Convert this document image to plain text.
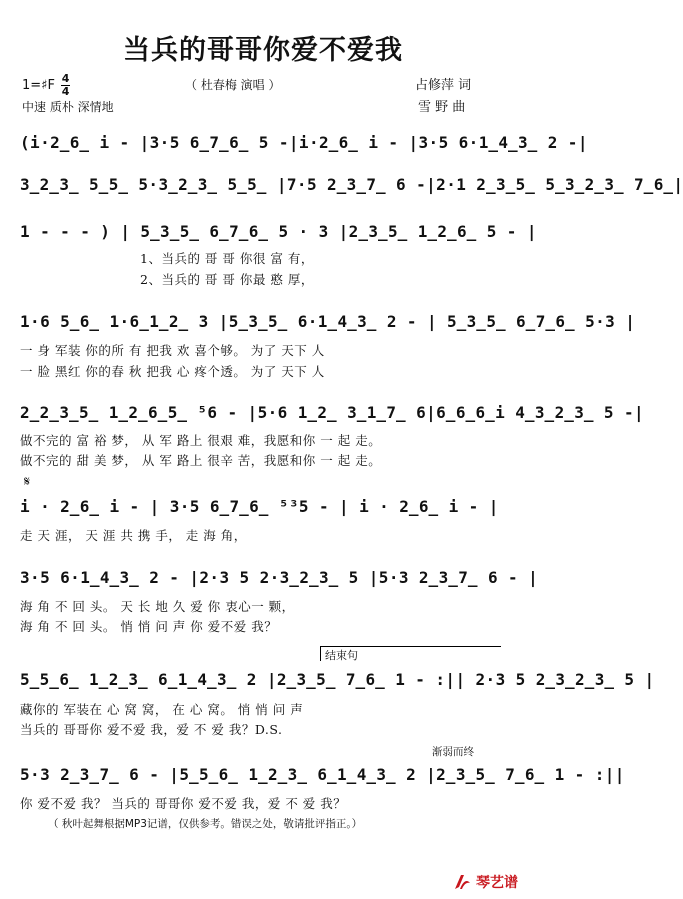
当兵的哥哥你爱不爱我
1=♯F $\frac{4}{4}$	（ 杜春梅 演唱 ）	占修萍 词
中速 质朴 深情地	雪 野 曲
(i·2̲6̲ i - |3·5 6̲7̲6̲ 5 -|i·2̲6̲ i - |3·5 6·1̲4̲3̲ 2 -|
3̲2̲3̲ 5̲5̲ 5·3̲2̲3̲ 5̲5̲ |7·5 2̲3̲7̲ 6 -|2·1 2̲3̲5̲ 5̲3̲2̲3̲ 7̲6̲|
1 - - - ) | 5̲3̲5̲ 6̲7̲6̲ 5 · 3 |2̲3̲5̲ 1̲2̲6̲ 5 - |
1、当兵的 哥 哥 你很 富 有，
2、当兵的 哥 哥 你最 憨 厚，
1·6 5̲6̲ 1·6̲1̲2̲ 3 |5̲3̲5̲ 6·1̲4̲3̲ 2 - | 5̲3̲5̲ 6̲7̲6̲ 5·3 |
一 身 军装 你的所 有 把我 欢 喜个够。 为了 天下 人
一 脸 黑红 你的春 秋 把我 心 疼个透。 为了 天下 人
2̲2̲3̲5̲ 1̲2̲6̲5̲ ⁵6 - |5·6 1̲2̲ 3̲1̲7̲ 6|6̲6̲6̲i 4̲3̲2̲3̲ 5 -|
做不完的 富 裕 梦， 从 军 路上 很艰 难，我愿和你 一 起 走。
做不完的 甜 美 梦， 从 军 路上 很辛 苦，我愿和你 一 起 走。
𝄋
i · 2̲6̲ i - | 3·5 6̲7̲6̲ ⁵³5 - | i · 2̲6̲ i - |
走 天 涯， 天 涯 共 携 手， 走 海 角，
3·5 6·1̲4̲3̲ 2 - |2·3 5 2·3̲2̲3̲ 5 |5·3 2̲3̲7̲ 6 - |
海 角 不 回 头。 天 长 地 久 爱 你 衷心一 颗，
海 角 不 回 头。 悄 悄 问 声 你 爱不爱 我？
结束句
5̲5̲6̲ 1̲2̲3̲ 6̲1̲4̲3̲ 2 |2̲3̲5̲ 7̲6̲ 1 - :|| 2·3 5 2̲3̲2̲3̲ 5 |
藏你的 军装在 心 窝 窝， 在 心 窝。 悄 悄 问 声
当兵的 哥哥你 爱不爱 我，爱 不 爱 我？D.S.
渐弱而终
5·3 2̲3̲7̲ 6 - |5̲5̲6̲ 1̲2̲3̲ 6̲1̲4̲3̲ 2 |2̲3̲5̲ 7̲6̲ 1 - :||
你 爱不爱 我？ 当兵的 哥哥你 爱不爱 我，爱 不 爱 我？
（ 秋叶起舞根据MP3记谱，仅供参考。错误之处，敬请批评指正。）
琴艺谱
